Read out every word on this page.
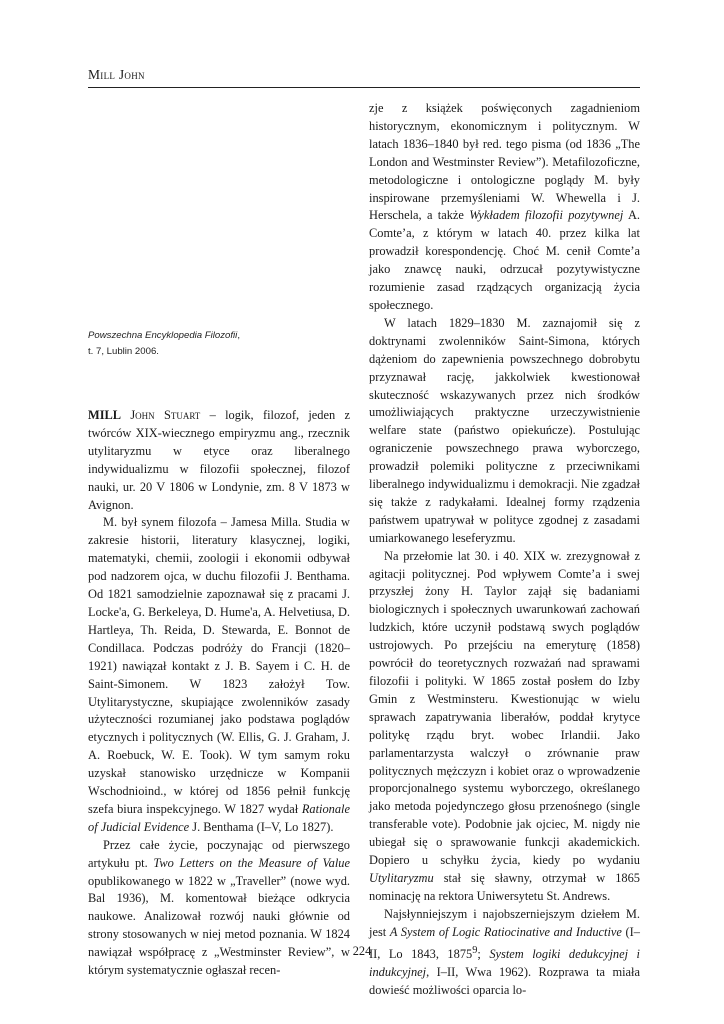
Mill John
Powszechna Encyklopedia Filozofii,
t. 7, Lublin 2006.

MILL John Stuart – logik, filozof, jeden z twórców XIX-wiecznego empiryzmu ang., rzecznik utylitaryzmu w etyce oraz liberalnego indywidualizmu w filozofii społecznej, filozof nauki, ur. 20 V 1806 w Londynie, zm. 8 V 1873 w Avignon.

M. był synem filozofa – Jamesa Milla. Studia w zakresie historii, literatury klasycznej, logiki, matematyki, chemii, zoologii i ekonomii odbywał pod nadzorem ojca, w duchu filozofii J. Benthama. Od 1821 samodzielnie zapoznawał się z pracami J. Locke'a, G. Berkeleya, D. Hume'a, A. Helvetiusa, D. Hartleya, Th. Reida, D. Stewarda, E. Bonnot de Condillaca. Podczas podróży do Francji (1820–1921) nawiązał kontakt z J. B. Sayem i C. H. de Saint-Simonem. W 1823 założył Tow. Utylitarystyczne, skupiające zwolenników zasady użyteczności rozumianej jako podstawa poglądów etycznych i politycznych (W. Ellis, G. J. Graham, J. A. Roebuck, W. E. Took). W tym samym roku uzyskał stanowisko urzędnicze w Kompanii Wschodnioind., w której od 1856 pełnił funkcję szefa biura inspekcyjnego. W 1827 wydał Rationale of Judicial Evidence J. Benthama (I–V, Lo 1827).

Przez całe życie, poczynając od pierwszego artykułu pt. Two Letters on the Measure of Value opublikowanego w 1822 w „Traveller” (nowe wyd. Bal 1936), M. komentował bieżące odkrycia naukowe. Analizował rozwój nauki głównie od strony stosowanych w niej metod poznania. W 1824 nawiązał współpracę z „Westminster Review”, w którym systematycznie ogłaszał recen-

zje z książek poświęconych zagadnieniom historycznym, ekonomicznym i politycznym. W latach 1836–1840 był red. tego pisma (od 1836 „The London and Westminster Review”). Metafilozoficzne, metodologiczne i ontologiczne poglądy M. były inspirowane przemyśleniami W. Whewella i J. Herschela, a także Wykładem filozofii pozytywnej A. Comte’a, z którym w latach 40. przez kilka lat prowadził korespondencję. Choć M. cenił Comte’a jako znawcę nauki, odrzucał pozytywistyczne rozumienie zasad rządzących organizacją życia społecznego.

W latach 1829–1830 M. zaznajomił się z doktrynami zwolenników Saint-Simona, których dążeniom do zapewnienia powszechnego dobrobytu przyznawał rację, jakkolwiek kwestionował skuteczność wskazywanych przez nich środków umożliwiających praktyczne urzeczywistnienie welfare state (państwo opiekuńcze). Postulując ograniczenie powszechnego prawa wyborczego, prowadził polemiki polityczne z przeciwnikami liberalnego indywidualizmu i demokracji. Nie zgadzał się także z radykałami. Idealnej formy rządzenia państwem upatrywał w polityce zgodnej z zasadami umiarkowanego leseferyzmu.

Na przełomie lat 30. i 40. XIX w. zrezygnował z agitacji politycznej. Pod wpływem Comte’a i swej przyszłej żony H. Taylor zajął się badaniami biologicznych i społecznych uwarunkowań zachowań ludzkich, które uczynił podstawą swych poglądów ustrojowych. Po przejściu na emeryturę (1858) powrócił do teoretycznych rozważań nad sprawami filozofii i polityki. W 1865 został posłem do Izby Gmin z Westminsteru. Kwestionując w wielu sprawach zapatrywania liberałów, poddał krytyce politykę rządu bryt. wobec Irlandii. Jako parlamentarzysta walczył o zrównanie praw politycznych mężczyzn i kobiet oraz o wprowadzenie proporcjonalnego systemu wyborczego, określanego jako metoda pojedynczego głosu przenośnego (single transferable vote). Podobnie jak ojciec, M. nigdy nie ubiegał się o sprawowanie funkcji akademickich. Dopiero u schyłku życia, kiedy po wydaniu Utylitaryzmu stał się sławny, otrzymał w 1865 nominację na rektora Uniwersytetu St. Andrews.

Najsłynniejszym i najobszerniejszym dziełem M. jest A System of Logic Ratiocinative and Inductive (I–II, Lo 1843, 1875$^9$; System logiki dedukcyjnej i indukcyjnej, I–II, Wwa 1962). Rozprawa ta miała dowieść możliwości oparcia lo-

224
